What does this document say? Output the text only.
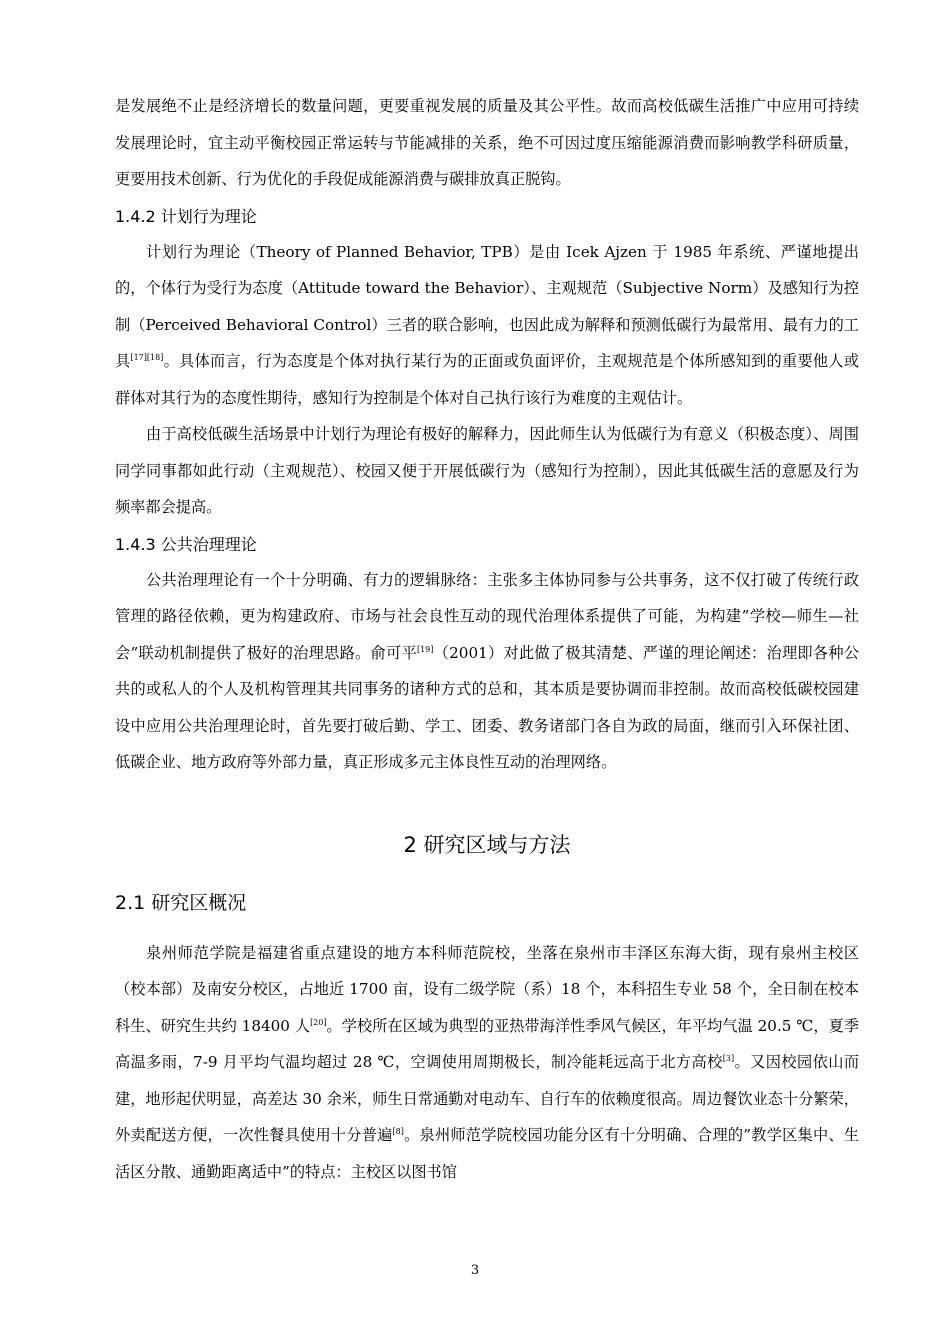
是发展绝不止是经济增长的数量问题，更要重视发展的质量及其公平性。故而高校低碳生活推广中应用可持续发展理论时，宜主动平衡校园正常运转与节能减排的关系，绝不可因过度压缩能源消费而影响教学科研质量，更要用技术创新、行为优化的手段促成能源消费与碳排放真正脱钩。

1.4.2 计划行为理论

计划行为理论（Theory of Planned Behavior, TPB）是由 Icek Ajzen 于 1985 年系统、严谨地提出的，个体行为受行为态度（Attitude toward the Behavior）、主观规范（Subjective Norm）及感知行为控制（Perceived Behavioral Control）三者的联合影响，也因此成为解释和预测低碳行为最常用、最有力的工具[17][18]。具体而言，行为态度是个体对执行某行为的正面或负面评价，主观规范是个体所感知到的重要他人或群体对其行为的态度性期待，感知行为控制是个体对自己执行该行为难度的主观估计。

由于高校低碳生活场景中计划行为理论有极好的解释力，因此师生认为低碳行为有意义（积极态度）、周围同学同事都如此行动（主观规范）、校园又便于开展低碳行为（感知行为控制），因此其低碳生活的意愿及行为频率都会提高。

1.4.3 公共治理理论

公共治理理论有一个十分明确、有力的逻辑脉络：主张多主体协同参与公共事务，这不仅打破了传统行政管理的路径依赖，更为构建政府、市场与社会良性互动的现代治理体系提供了可能，为构建”学校—师生—社会”联动机制提供了极好的治理思路。俞可平[19]（2001）对此做了极其清楚、严谨的理论阐述：治理即各种公共的或私人的个人及机构管理其共同事务的诸种方式的总和，其本质是要协调而非控制。故而高校低碳校园建设中应用公共治理理论时，首先要打破后勤、学工、团委、教务诸部门各自为政的局面，继而引入环保社团、低碳企业、地方政府等外部力量，真正形成多元主体良性互动的治理网络。

2 研究区域与方法
2.1 研究区概况

泉州师范学院是福建省重点建设的地方本科师范院校，坐落在泉州市丰泽区东海大街，现有泉州主校区（校本部）及南安分校区，占地近 1700 亩，设有二级学院（系）18 个，本科招生专业 58 个，全日制在校本科生、研究生共约 18400 人[20]。学校所在区域为典型的亚热带海洋性季风气候区，年平均气温 20.5 ℃，夏季高温多雨，7-9 月平均气温均超过 28 ℃，空调使用周期极长，制冷能耗远高于北方高校[3]。又因校园依山而建，地形起伏明显，高差达 30 余米，师生日常通勤对电动车、自行车的依赖度很高。周边餐饮业态十分繁荣，外卖配送方便，一次性餐具使用十分普遍[8]。泉州师范学院校园功能分区有十分明确、合理的”教学区集中、生活区分散、通勤距离适中”的特点：主校区以图书馆

3
